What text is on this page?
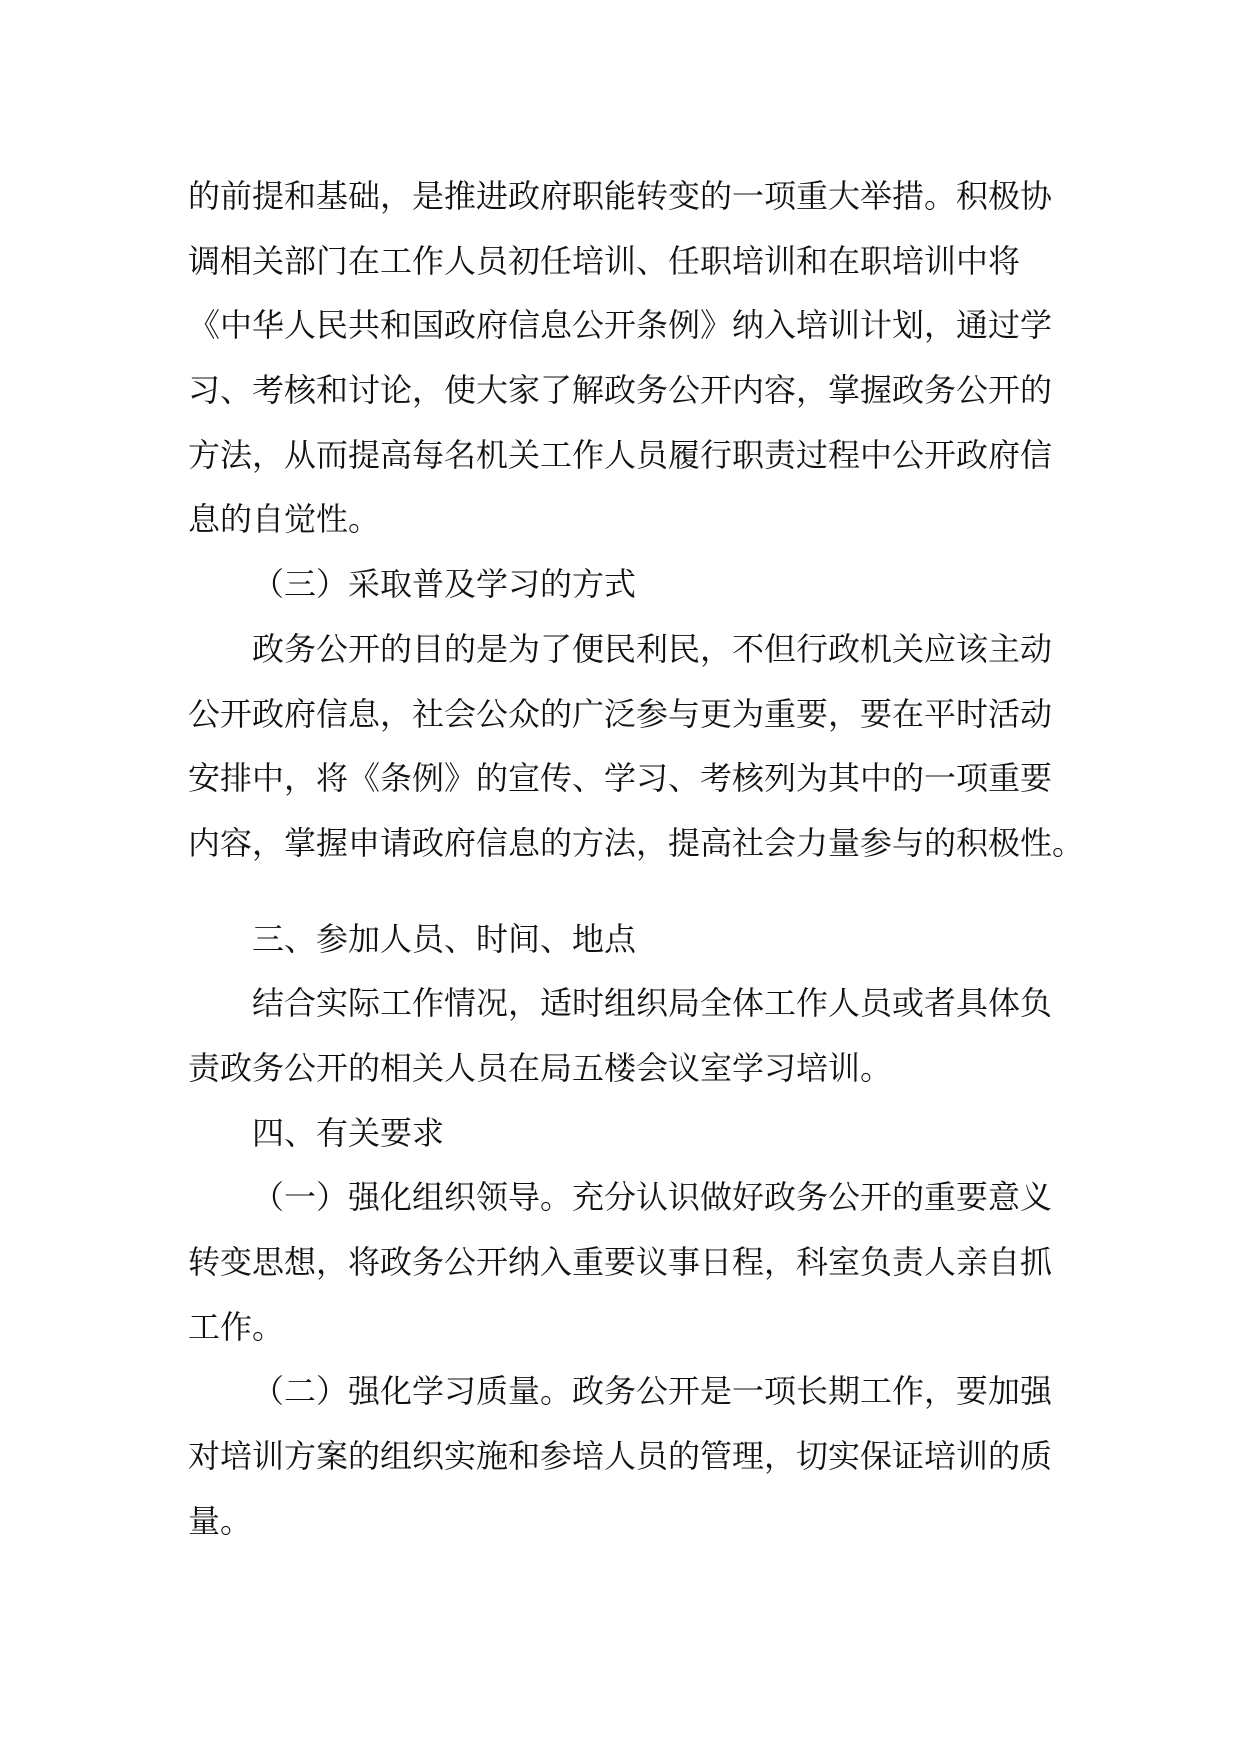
的前提和基础，是推进政府职能转变的一项重大举措。积极协
调相关部门在工作人员初任培训、任职培训和在职培训中将
《中华人民共和国政府信息公开条例》纳入培训计划，通过学
习、考核和讨论，使大家了解政务公开内容，掌握政务公开的
方法，从而提高每名机关工作人员履行职责过程中公开政府信
息的自觉性。
（三）采取普及学习的方式
政务公开的目的是为了便民利民，不但行政机关应该主动
公开政府信息，社会公众的广泛参与更为重要，要在平时活动
安排中，将《条例》的宣传、学习、考核列为其中的一项重要
内容，掌握申请政府信息的方法，提高社会力量参与的积极性。
三、参加人员、时间、地点
结合实际工作情况，适时组织局全体工作人员或者具体负
责政务公开的相关人员在局五楼会议室学习培训。
四、有关要求
（一）强化组织领导。充分认识做好政务公开的重要意义
转变思想，将政务公开纳入重要议事日程，科室负责人亲自抓
工作。
（二）强化学习质量。政务公开是一项长期工作，要加强
对培训方案的组织实施和参培人员的管理，切实保证培训的质
量。
